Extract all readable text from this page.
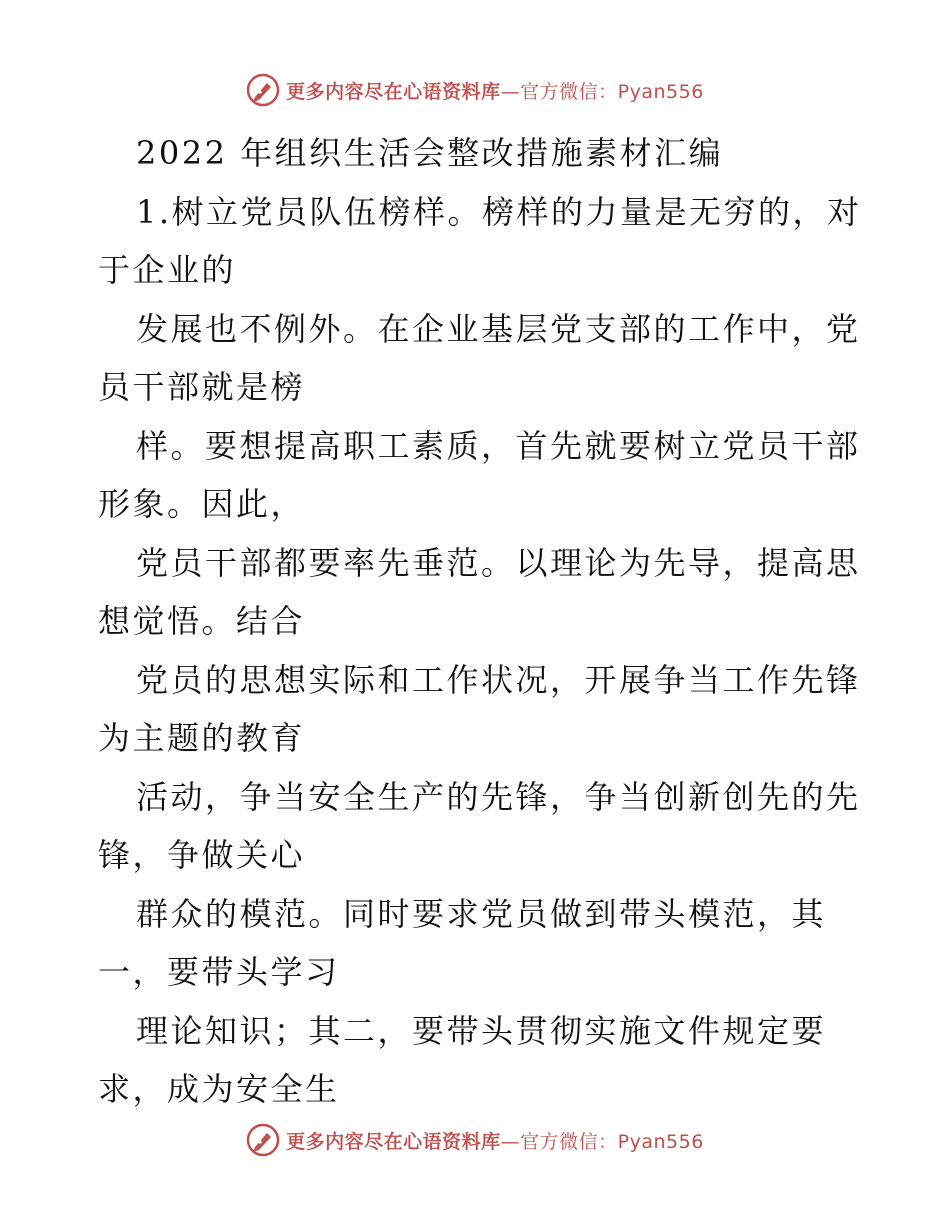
更多内容尽在心语资料库—官方微信：Pyan556
2022 年组织生活会整改措施素材汇编
1.树立党员队伍榜样。榜样的力量是无穷的，对
于企业的
发展也不例外。在企业基层党支部的工作中，党
员干部就是榜
样。要想提高职工素质，首先就要树立党员干部
形象。因此，
党员干部都要率先垂范。以理论为先导，提高思
想觉悟。结合
党员的思想实际和工作状况，开展争当工作先锋
为主题的教育
活动，争当安全生产的先锋，争当创新创先的先
锋，争做关心
群众的模范。同时要求党员做到带头模范，其
一，要带头学习
理论知识；其二，要带头贯彻实施文件规定要
求，成为安全生
更多内容尽在心语资料库—官方微信：Pyan556
